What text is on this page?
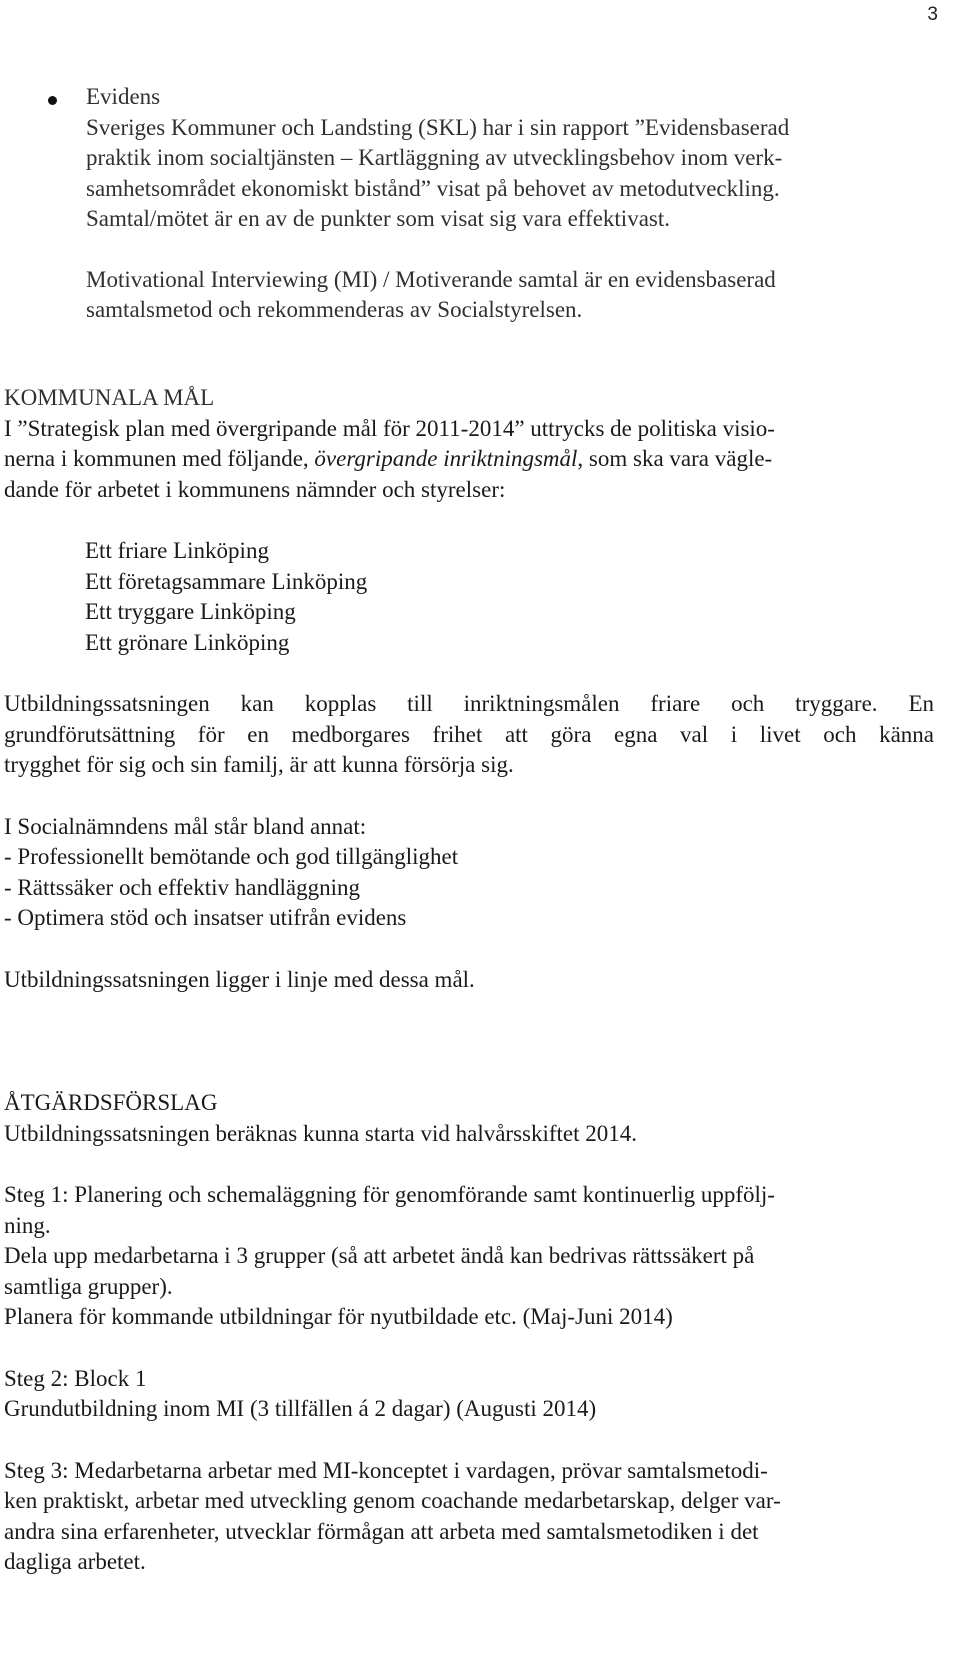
3

Evidens

Sveriges Kommuner och Landsting (SKL) har i sin rapport ”Evidensbaserad

praktik inom socialtjänsten – Kartläggning av utvecklingsbehov inom verk-

samhetsområdet ekonomiskt bistånd” visat på behovet av metodutveckling.

Samtal/mötet är en av de punkter som visat sig vara effektivast.

Motivational Interviewing (MI) / Motiverande samtal är en evidensbaserad

samtalsmetod och rekommenderas av Socialstyrelsen.

KOMMUNALA MÅL

I ”Strategisk plan med övergripande mål för 2011-2014” uttrycks de politiska visio-

nerna i kommunen med följande, övergripande inriktningsmål, som ska vara vägle-

dande för arbetet i kommunens nämnder och styrelser:

Ett friare Linköping

Ett företagsammare Linköping

Ett tryggare Linköping

Ett grönare Linköping

Utbildningssatsningen kan kopplas till inriktningsmålen friare och tryggare. En

grundförutsättning för en medborgares frihet att göra egna val i livet och känna

trygghet för sig och sin familj, är att kunna försörja sig.

I Socialnämndens mål står bland annat:

- Professionellt bemötande och god tillgänglighet

- Rättssäker och effektiv handläggning

- Optimera stöd och insatser utifrån evidens

Utbildningssatsningen ligger i linje med dessa mål.

ÅTGÄRDSFÖRSLAG

Utbildningssatsningen beräknas kunna starta vid halvårsskiftet 2014.

Steg 1: Planering och schemaläggning för genomförande samt kontinuerlig uppfölj-

ning.

Dela upp medarbetarna i 3 grupper (så att arbetet ändå kan bedrivas rättssäkert på

samtliga grupper).

Planera för kommande utbildningar för nyutbildade etc. (Maj-Juni 2014)

Steg 2: Block 1

Grundutbildning inom MI (3 tillfällen á 2 dagar) (Augusti 2014)

Steg 3: Medarbetarna arbetar med MI-konceptet i vardagen, prövar samtalsmetodi-

ken praktiskt, arbetar med utveckling genom coachande medarbetarskap, delger var-

andra sina erfarenheter, utvecklar förmågan att arbeta med samtalsmetodiken i det

dagliga arbetet.
